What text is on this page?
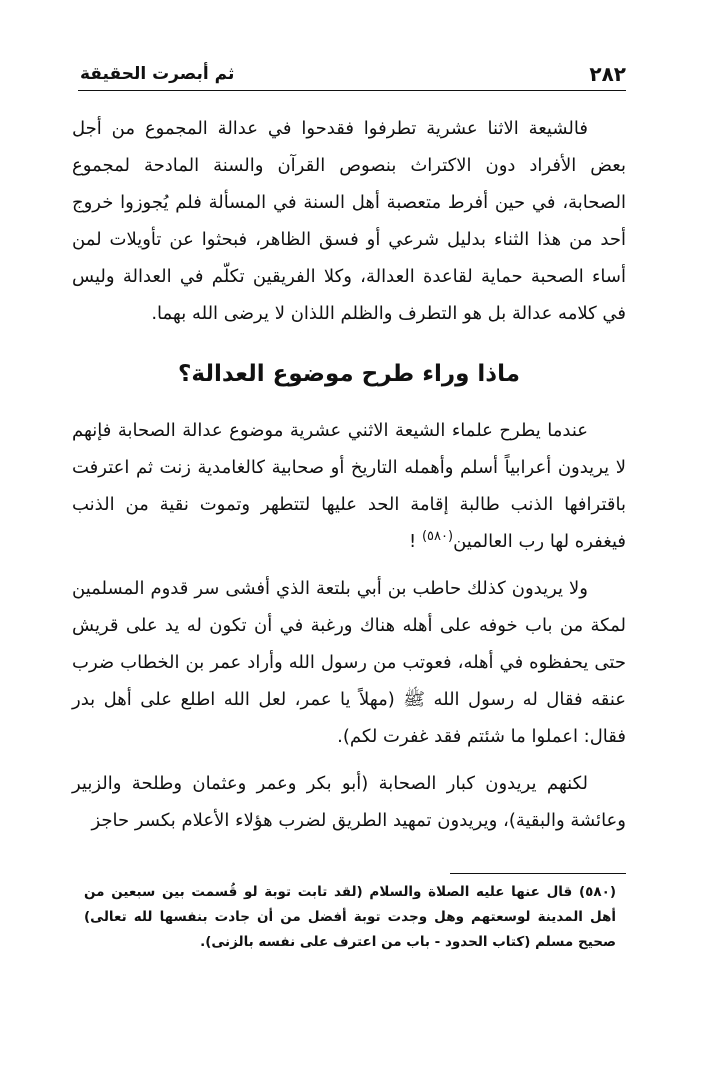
٢٨٢
ثم أبصرت الحقيقة

فالشيعة الاثنا عشرية تطرفوا فقدحوا في عدالة المجموع من أجل بعض الأفراد دون الاكتراث بنصوص القرآن والسنة المادحة لمجموع الصحابة، في حين أفرط متعصبة أهل السنة في المسألة فلم يُجوزوا خروج أحد من هذا الثناء بدليل شرعي أو فسق الظاهر، فبحثوا عن تأويلات لمن أساء الصحبة حماية لقاعدة العدالة، وكلا الفريقين تكلّم في العدالة وليس في كلامه عدالة بل هو التطرف والظلم اللذان لا يرضى الله بهما.

ماذا وراء طرح موضوع العدالة؟

عندما يطرح علماء الشيعة الاثني عشرية موضوع عدالة الصحابة فإنهم لا يريدون أعرابياً أسلم وأهمله التاريخ أو صحابية كالغامدية زنت ثم اعترفت باقترافها الذنب طالبة إقامة الحد عليها لتتطهر وتموت نقية من الذنب فيغفره لها رب العالمين$^{(٥٨٠)}$ !

ولا يريدون كذلك حاطب بن أبي بلتعة الذي أفشى سر قدوم المسلمين لمكة من باب خوفه على أهله هناك ورغبة في أن تكون له يد على قريش حتى يحفظوه في أهله، فعوتب من رسول الله وأراد عمر بن الخطاب ضرب عنقه فقال له رسول الله ﷺ (مهلاً يا عمر، لعل الله اطلع على أهل بدر فقال: اعملوا ما شئتم فقد غفرت لكم).

لكنهم يريدون كبار الصحابة (أبو بكر وعمر وعثمان وطلحة والزبير وعائشة والبقية)، ويريدون تمهيد الطريق لضرب هؤلاء الأعلام بكسر حاجز

(٥٨٠) قال عنها عليه الصلاة والسلام (لقد تابت توبة لو قُسمت بين سبعين من أهل المدينة لوسعتهم وهل وجدت توبة أفضل من أن جادت بنفسها لله تعالى) صحيح مسلم (كتاب الحدود - باب من اعترف على نفسه بالزنى).
